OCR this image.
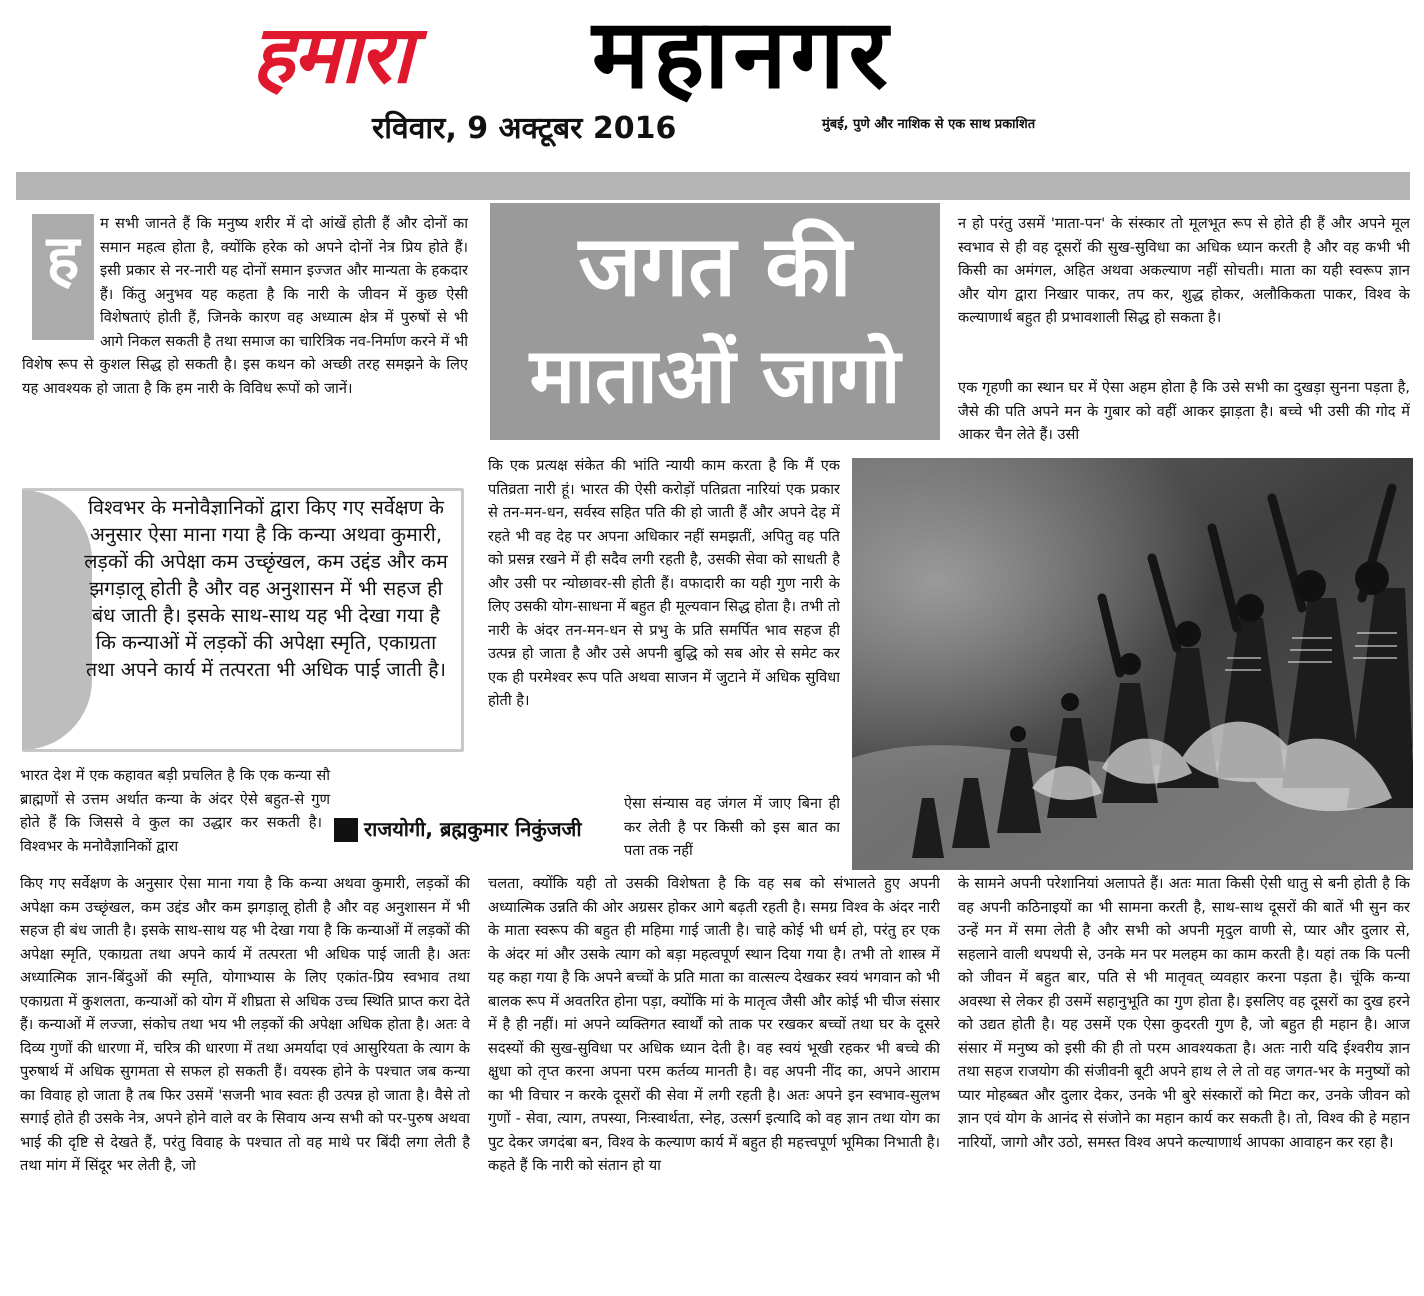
हमारा महानगर
रविवार, 9 अक्टूबर 2016	मुंबई, पुणे और नाशिक से एक साथ प्रकाशित
ह	म सभी जानते हैं कि मनुष्य शरीर में दो आंखें होती हैं और दोनों का समान महत्व होता है, क्योंकि हरेक को अपने दोनों नेत्र प्रिय होते हैं। इसी प्रकार से नर-नारी यह दोनों समान इज्जत और मान्यता के हकदार हैं। किंतु अनुभव यह कहता है कि नारी के जीवन में कुछ ऐसी विशेषताएं होती हैं, जिनके कारण वह अध्यात्म क्षेत्र में पुरुषों से भी आगे निकल सकती है तथा समाज का चारित्रिक नव-निर्माण करने में भी विशेष रूप से कुशल सिद्ध हो सकती है। इस कथन को अच्छी तरह समझने के लिए यह आवश्यक हो जाता है कि हम नारी के विविध रूपों को जानें।

विश्वभर के मनोवैज्ञानिकों द्वारा किए गए सर्वेक्षण के अनुसार ऐसा माना गया है कि कन्या अथवा कुमारी, लड़कों की अपेक्षा कम उच्छृंखल, कम उद्दंड और कम झगड़ालू होती है और वह अनुशासन में भी सहज ही बंध जाती है। इसके साथ-साथ यह भी देखा गया है कि कन्याओं में लड़कों की अपेक्षा स्मृति, एकाग्रता तथा अपने कार्य में तत्परता भी अधिक पाई जाती है।

भारत देश में एक कहावत बड़ी प्रचलित है कि एक कन्या सौ ब्राह्मणों से उत्तम अर्थात कन्या के अंदर ऐसे बहुत-से गुण होते हैं कि जिससे वे कुल का उद्धार कर सकती है। विश्वभर के मनोवैज्ञानिकों द्वारा

किए गए सर्वेक्षण के अनुसार ऐसा माना गया है कि कन्या अथवा कुमारी, लड़कों की अपेक्षा कम उच्छृंखल, कम उद्दंड और कम झगड़ालू होती है और वह अनुशासन में भी सहज ही बंध जाती है। इसके साथ-साथ यह भी देखा गया है कि कन्याओं में लड़कों की अपेक्षा स्मृति, एकाग्रता तथा अपने कार्य में तत्परता भी अधिक पाई जाती है। अतः अध्यात्मिक ज्ञान-बिंदुओं की स्मृति, योगाभ्यास के लिए एकांत-प्रिय स्वभाव तथा एकाग्रता में कुशलता, कन्याओं को योग में शीघ्रता से अधिक उच्च स्थिति प्राप्त करा देते हैं। कन्याओं में लज्जा, संकोच तथा भय भी लड़कों की अपेक्षा अधिक होता है। अतः वे दिव्य गुणों की धारणा में, चरित्र की धारणा में तथा अमर्यादा एवं आसुरियता के त्याग के पुरुषार्थ में अधिक सुगमता से सफल हो सकती हैं। वयस्क होने के पश्चात जब कन्या का विवाह हो जाता है तब फिर उसमें 'सजनी भाव स्वतः ही उत्पन्न हो जाता है। वैसे तो सगाई होते ही उसके नेत्र, अपने होने वाले वर के सिवाय अन्य सभी को पर-पुरुष अथवा भाई की दृष्टि से देखते हैं, परंतु विवाह के पश्चात तो वह माथे पर बिंदी लगा लेती है तथा मांग में सिंदूर भर लेती है, जो

राजयोगी, ब्रह्मकुमार निकुंजजी
जगत की
माताओं जागो

कि एक प्रत्यक्ष संकेत की भांति न्यायी काम करता है कि मैं एक पतिव्रता नारी हूं। भारत की ऐसी करोड़ों पतिव्रता नारियां एक प्रकार से तन-मन-धन, सर्वस्व सहित पति की हो जाती हैं और अपने देह में रहते भी वह देह पर अपना अधिकार नहीं समझतीं, अपितु वह पति को प्रसन्न रखने में ही सदैव लगी रहती है, उसकी सेवा को साधती है और उसी पर न्योछावर-सी होती हैं। वफादारी का यही गुण नारी के लिए उसकी योग-साधना में बहुत ही मूल्यवान सिद्ध होता है। तभी तो नारी के अंदर तन-मन-धन से प्रभु के प्रति समर्पित भाव सहज ही उत्पन्न हो जाता है और उसे अपनी बुद्धि को सब ओर से समेट कर एक ही परमेश्वर रूप पति अथवा साजन में जुटाने में अधिक सुविधा होती है।

ऐसा संन्यास वह जंगल में जाए बिना ही कर लेती है पर किसी को इस बात का पता तक नहीं

चलता, क्योंकि यही तो उसकी विशेषता है कि वह सब को संभालते हुए अपनी अध्यात्मिक उन्नति की ओर अग्रसर होकर आगे बढ़ती रहती है। समग्र विश्व के अंदर नारी के माता स्वरूप की बहुत ही महिमा गाई जाती है। चाहे कोई भी धर्म हो, परंतु हर एक के अंदर मां और उसके त्याग को बड़ा महत्वपूर्ण स्थान दिया गया है। तभी तो शास्त्र में यह कहा गया है कि अपने बच्चों के प्रति माता का वात्सल्य देखकर स्वयं भगवान को भी बालक रूप में अवतरित होना पड़ा, क्योंकि मां के मातृत्व जैसी और कोई भी चीज संसार में है ही नहीं। मां अपने व्यक्तिगत स्वार्थों को ताक पर रखकर बच्चों तथा घर के दूसरे सदस्यों की सुख-सुविधा पर अधिक ध्यान देती है। वह स्वयं भूखी रहकर भी बच्चे की क्षुधा को तृप्त करना अपना परम कर्तव्य मानती है। वह अपनी नींद का, अपने आराम का भी विचार न करके दूसरों की सेवा में लगी रहती है। अतः अपने इन स्वभाव-सुलभ गुणों - सेवा, त्याग, तपस्या, निःस्वार्थता, स्नेह, उत्सर्ग इत्यादि को वह ज्ञान तथा योग का पुट देकर जगदंबा बन, विश्व के कल्याण कार्य में बहुत ही महत्त्वपूर्ण भूमिका निभाती है। कहते हैं कि नारी को संतान हो या

न हो परंतु उसमें 'माता-पन' के संस्कार तो मूलभूत रूप से होते ही हैं और अपने मूल स्वभाव से ही वह दूसरों की सुख-सुविधा का अधिक ध्यान करती है और वह कभी भी किसी का अमंगल, अहित अथवा अकल्याण नहीं सोचती। माता का यही स्वरूप ज्ञान और योग द्वारा निखार पाकर, तप कर, शुद्ध होकर, अलौकिकता पाकर, विश्व के कल्याणार्थ बहुत ही प्रभावशाली सिद्ध हो सकता है।

एक गृहणी का स्थान घर में ऐसा अहम होता है कि उसे सभी का दुखड़ा सुनना पड़ता है, जैसे की पति अपने मन के गुबार को वहीं आकर झाड़ता है। बच्चे भी उसी की गोद में आकर चैन लेते हैं। उसी

के सामने अपनी परेशानियां अलापते हैं। अतः माता किसी ऐसी धातु से बनी होती है कि वह अपनी कठिनाइयों का भी सामना करती है, साथ-साथ दूसरों की बातें भी सुन कर उन्हें मन में समा लेती है और सभी को अपनी मृदुल वाणी से, प्यार और दुलार से, सहलाने वाली थपथपी से, उनके मन पर मलहम का काम करती है। यहां तक कि पत्नी को जीवन में बहुत बार, पति से भी मातृवत् व्यवहार करना पड़ता है। चूंकि कन्या अवस्था से लेकर ही उसमें सहानुभूति का गुण होता है। इसलिए वह दूसरों का दुख हरने को उद्यत होती है। यह उसमें एक ऐसा कुदरती गुण है, जो बहुत ही महान है। आज संसार में मनुष्य को इसी की ही तो परम आवश्यकता है। अतः नारी यदि ईश्वरीय ज्ञान तथा सहज राजयोग की संजीवनी बूटी अपने हाथ ले ले तो वह जगत-भर के मनुष्यों को प्यार मोहब्बत और दुलार देकर, उनके भी बुरे संस्कारों को मिटा कर, उनके जीवन को ज्ञान एवं योग के आनंद से संजोने का महान कार्य कर सकती है। तो, विश्व की हे महान नारियों, जागो और उठो, समस्त विश्व अपने कल्याणार्थ आपका आवाहन कर रहा है।
